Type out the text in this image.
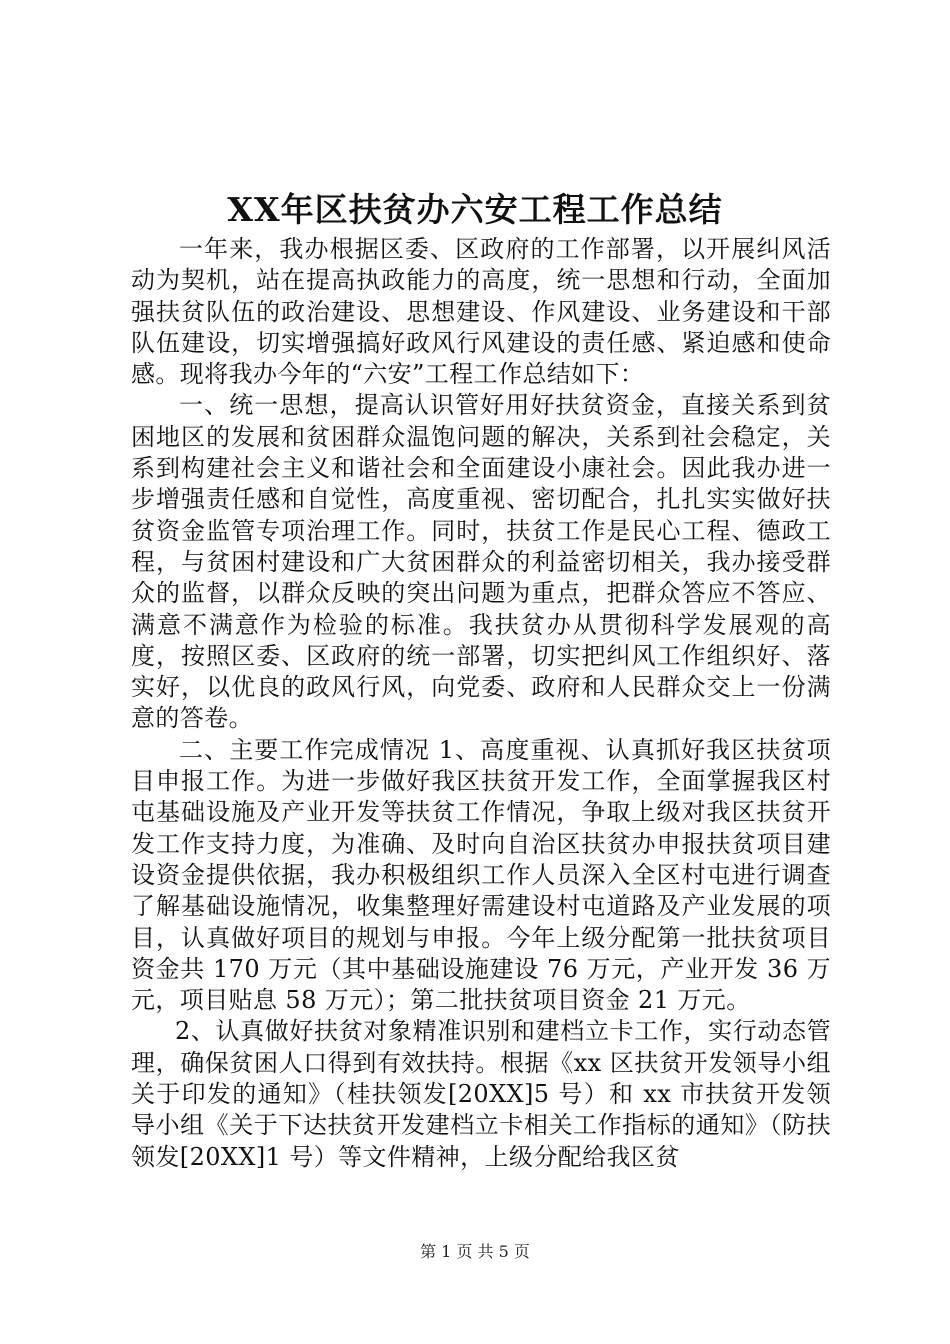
XX年区扶贫办六安工程工作总结

一年来，我办根据区委、区政府的工作部署，以开展纠风活动为契机，站在提高执政能力的高度，统一思想和行动，全面加强扶贫队伍的政治建设、思想建设、作风建设、业务建设和干部队伍建设，切实增强搞好政风行风建设的责任感、紧迫感和使命感。现将我办今年的“六安”工程工作总结如下：

一、统一思想，提高认识管好用好扶贫资金，直接关系到贫困地区的发展和贫困群众温饱问题的解决，关系到社会稳定，关系到构建社会主义和谐社会和全面建设小康社会。因此我办进一步增强责任感和自觉性，高度重视、密切配合，扎扎实实做好扶贫资金监管专项治理工作。同时，扶贫工作是民心工程、德政工程，与贫困村建设和广大贫困群众的利益密切相关，我办接受群众的监督，以群众反映的突出问题为重点，把群众答应不答应、满意不满意作为检验的标准。我扶贫办从贯彻科学发展观的高度，按照区委、区政府的统一部署，切实把纠风工作组织好、落实好，以优良的政风行风，向党委、政府和人民群众交上一份满意的答卷。

二、主要工作完成情况 1、高度重视、认真抓好我区扶贫项目申报工作。为进一步做好我区扶贫开发工作，全面掌握我区村屯基础设施及产业开发等扶贫工作情况，争取上级对我区扶贫开发工作支持力度，为准确、及时向自治区扶贫办申报扶贫项目建设资金提供依据，我办积极组织工作人员深入全区村屯进行调查了解基础设施情况，收集整理好需建设村屯道路及产业发展的项目，认真做好项目的规划与申报。今年上级分配第一批扶贫项目资金共 170 万元（其中基础设施建设 76 万元，产业开发 36 万元，项目贴息 58 万元）；第二批扶贫项目资金 21 万元。

2、认真做好扶贫对象精准识别和建档立卡工作，实行动态管理，确保贫困人口得到有效扶持。根据《xx 区扶贫开发领导小组关于印发的通知》（桂扶领发[20XX]5 号）和 xx 市扶贫开发领导小组《关于下达扶贫开发建档立卡相关工作指标的通知》（防扶领发[20XX]1 号）等文件精神，上级分配给我区贫

第 1 页 共 5 页
